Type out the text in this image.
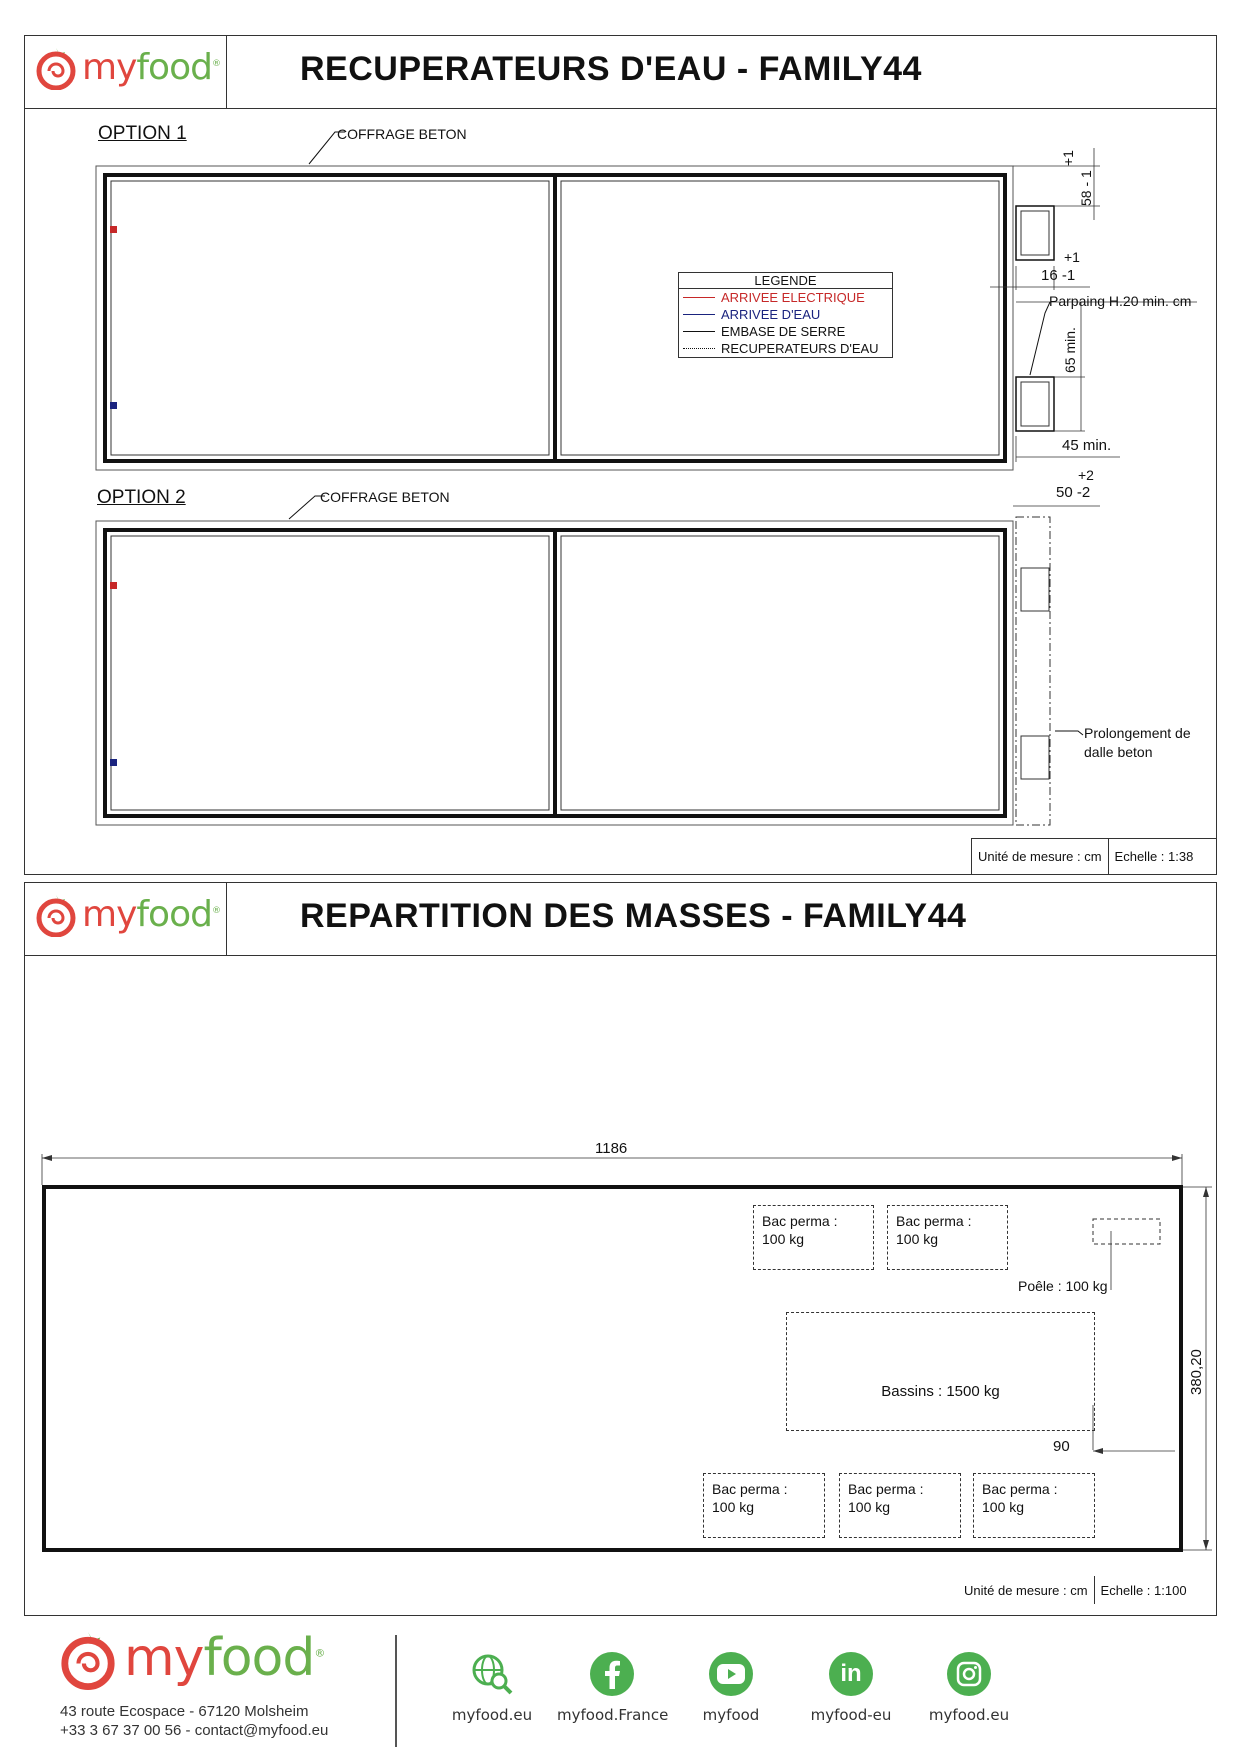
myfood® RECUPERATEURS D'EAU - FAMILY44
OPTION 1	COFFRAGE BETON
OPTION 2	COFFRAGE BETON
LEGENDE
ARRIVEE ELECTRIQUE
ARRIVEE D'EAU
EMBASE DE SERRE
RECUPERATEURS D'EAU
+1
58 - 1
+1
16 -1
Parpaing H.20 min. cm
65 min.
45 min.
+2
50 -2
Prolongement de
dalle beton
Unité de mesure : cm	Echelle : 1:38
myfood® REPARTITION DES MASSES - FAMILY44
1186
380,20
90
Bac perma :
100 kg
Bac perma :
100 kg
Poêle : 100 kg
Bassins : 1500 kg
Bac perma :
100 kg
Bac perma :
100 kg
Bac perma :
100 kg
Unité de mesure : cm	Echelle : 1:100
myfood®
43 route Ecospace - 67120 Molsheim
+33 3 67 37 00 56 - contact@myfood.eu
myfood.eu	myfood.France	myfood
in
myfood-eu	myfood.eu
